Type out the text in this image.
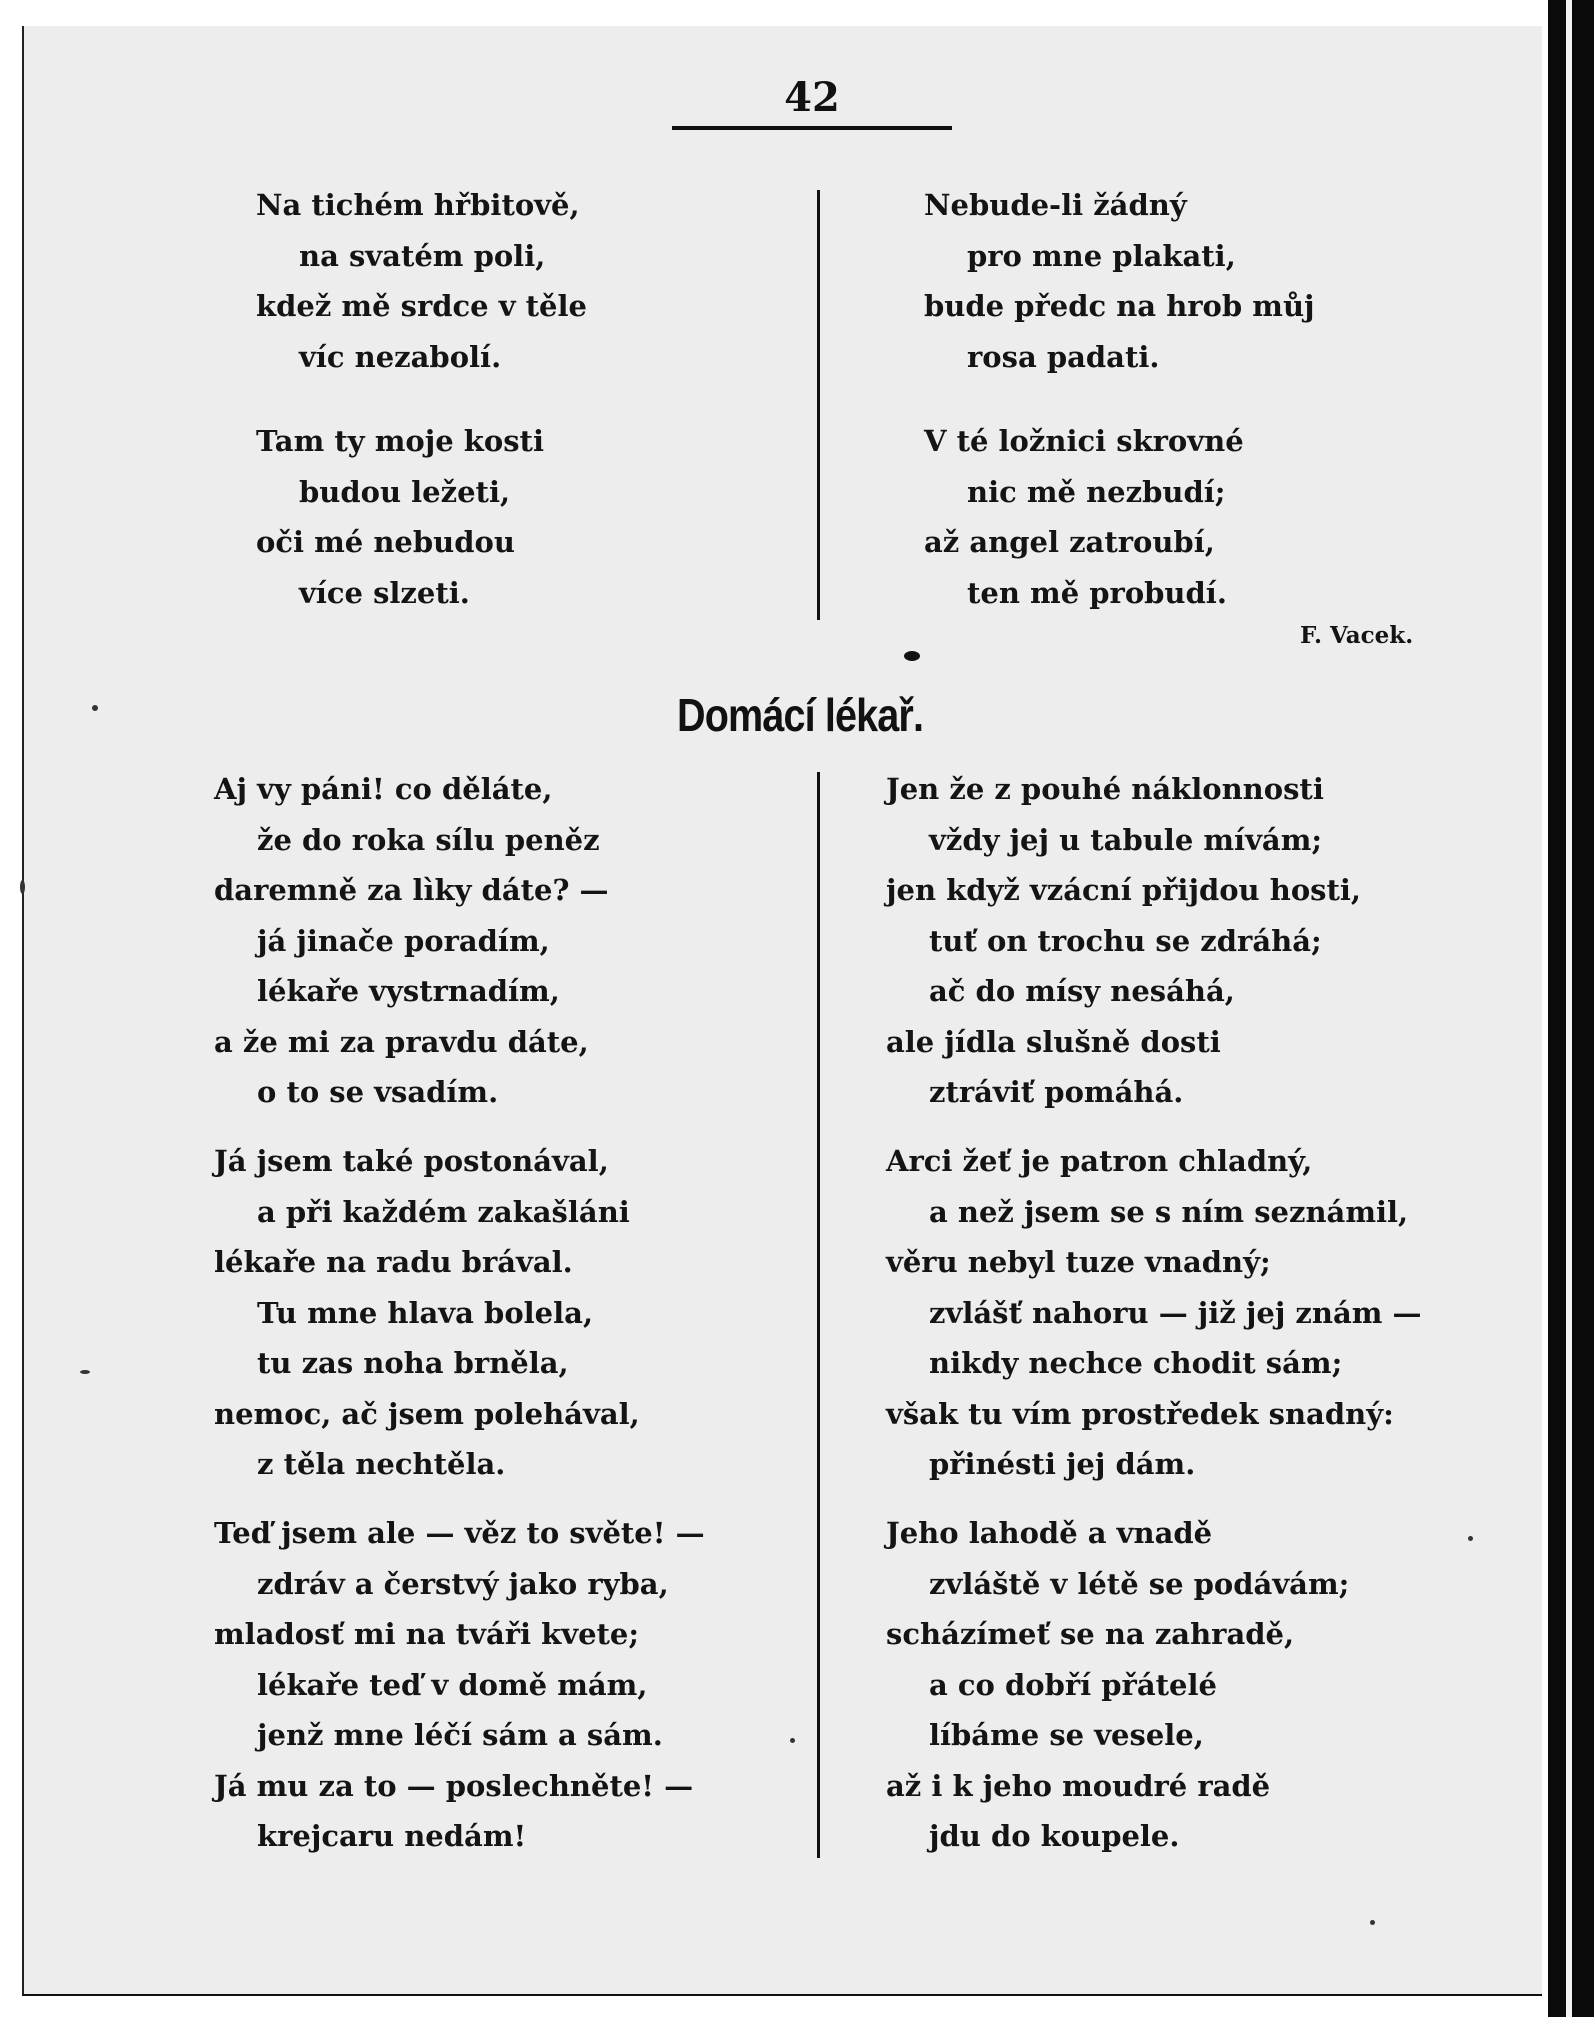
42
Na tichém hřbitově,
na svatém poli,
kdež mě srdce v těle
víc nezabolí.
Tam ty moje kosti
budou ležeti,
oči mé nebudou
více slzeti.
Nebude-li žádný
pro mne plakati,
bude předc na hrob můj
rosa padati.
V té ložnici skrovné
nic mě nezbudí;
až angel zatroubí,
ten mě probudí.
F. Vacek.
Domácí lékař.
Aj vy páni! co děláte,
že do roka sílu peněz
daremně za lìky dáte? —
já jinače poradím,
lékaře vystrnadím,
a že mi za pravdu dáte,
o to se vsadím.
Já jsem také postonával,
a při každém zakašláni
lékaře na radu brával.
Tu mne hlava bolela,
tu zas noha brněla,
nemoc, ač jsem polehával,
z těla nechtěla.
Teď jsem ale — věz to světe! —
zdráv a čerstvý jako ryba,
mladosť mi na tváři kvete;
lékaře teď v domě mám,
jenž mne léčí sám a sám.
Já mu za to — poslechněte! —
krejcaru nedám!
Jen že z pouhé náklonnosti
vždy jej u tabule mívám;
jen když vzácní přijdou hosti,
tuť on trochu se zdráhá;
ač do mísy nesáhá,
ale jídla slušně dosti
ztráviť pomáhá.
Arci žeť je patron chladný,
a než jsem se s ním seznámil,
věru nebyl tuze vnadný;
zvlášť nahoru — již jej znám —
nikdy nechce chodit sám;
však tu vím prostředek snadný:
přinésti jej dám.
Jeho lahodě a vnadě
zvláště v létě se podávám;
scházímeť se na zahradě,
a co dobří přátelé
líbáme se vesele,
až i k jeho moudré radě
jdu do koupele.
